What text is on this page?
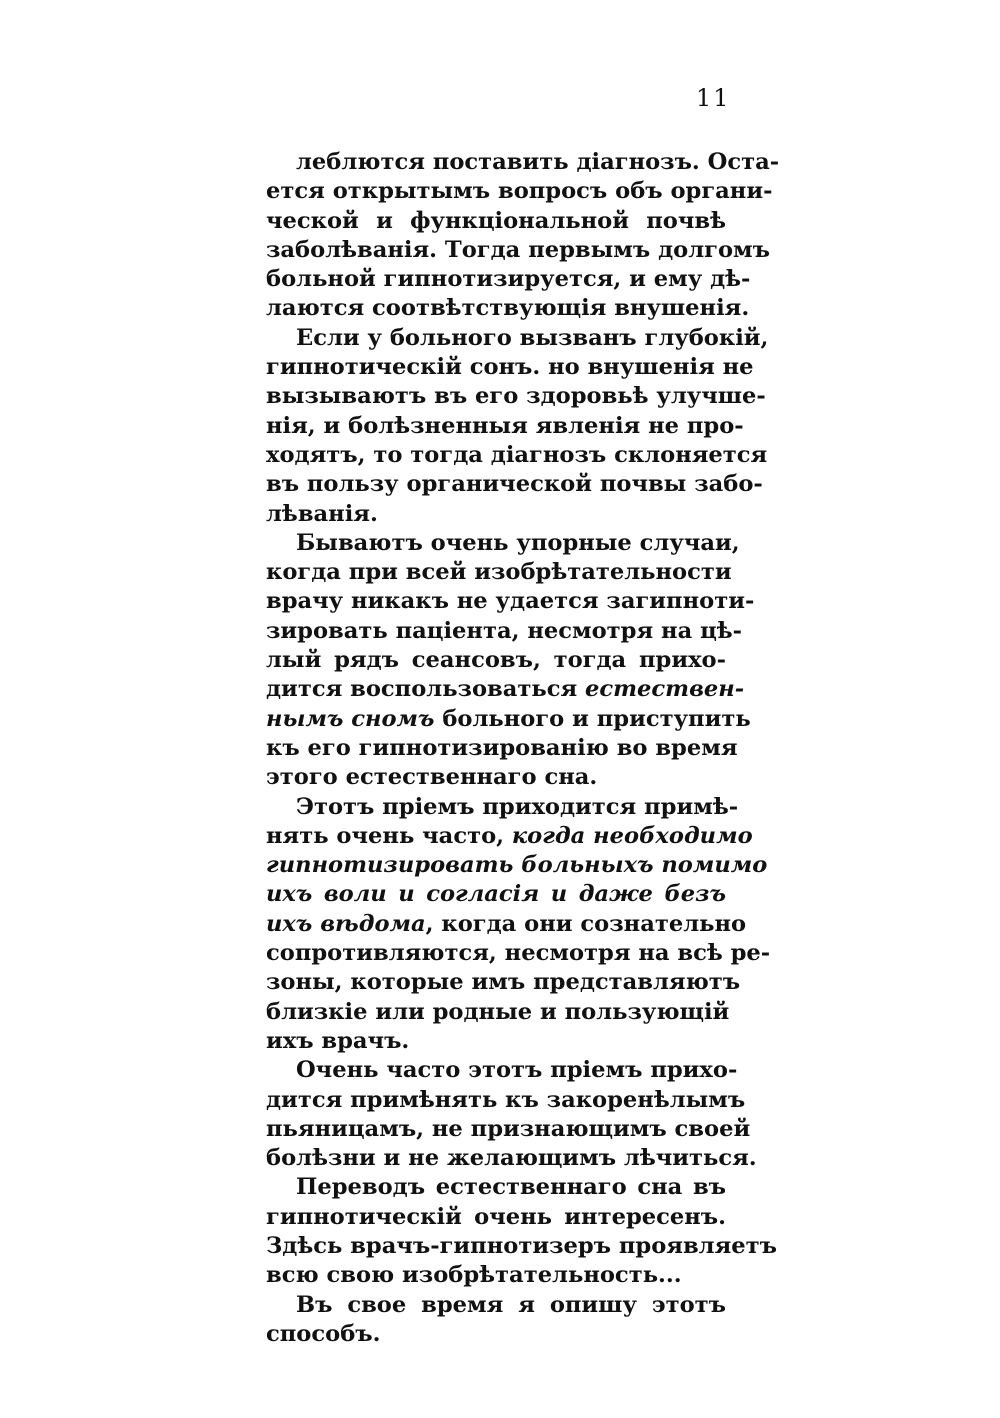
11

леблются поставить діагнозъ. Оста-
ется открытымъ вопросъ объ органи-
ческой и функціональной почвѣ
заболѣванія. Тогда первымъ долгомъ
больной гипнотизируется, и ему дѣ-
лаются соотвѣтствующія внушенія.

Если у больного вызванъ глубокій,
гипнотическій сонъ. но внушенія не
вызываютъ въ его здоровьѣ улучше-
нія, и болѣзненныя явленія не про-
ходятъ, то тогда діагнозъ склоняется
въ пользу органической почвы забо-
лѣванія.

Бываютъ очень упорные случаи,
когда при всей изобрѣтательности
врачу никакъ не удается загипноти-
зировать паціента, несмотря на цѣ-
лый рядъ сеансовъ, тогда прихо-
дится воспользоваться естествен-
нымъ сномъ больного и приступить
къ его гипнотизированію во время
этого естественнаго сна.

Этотъ пріемъ приходится примѣ-
нять очень часто, когда необходимо
гипнотизировать больныхъ помимо
ихъ воли и согласія и даже безъ
ихъ вѣдома, когда они сознательно
сопротивляются, несмотря на всѣ ре-
зоны, которые имъ представляютъ
близкіе или родные и пользующій
ихъ врачъ.

Очень часто этотъ пріемъ прихо-
дится примѣнять къ закоренѣлымъ
пьяницамъ, не признающимъ своей
болѣзни и не желающимъ лѣчиться.

Переводъ естественнаго сна въ
гипнотическій очень интересенъ.
Здѣсь врачъ-гипнотизеръ проявляетъ
всю свою изобрѣтательность...

Въ свое время я опишу этотъ
способъ.
